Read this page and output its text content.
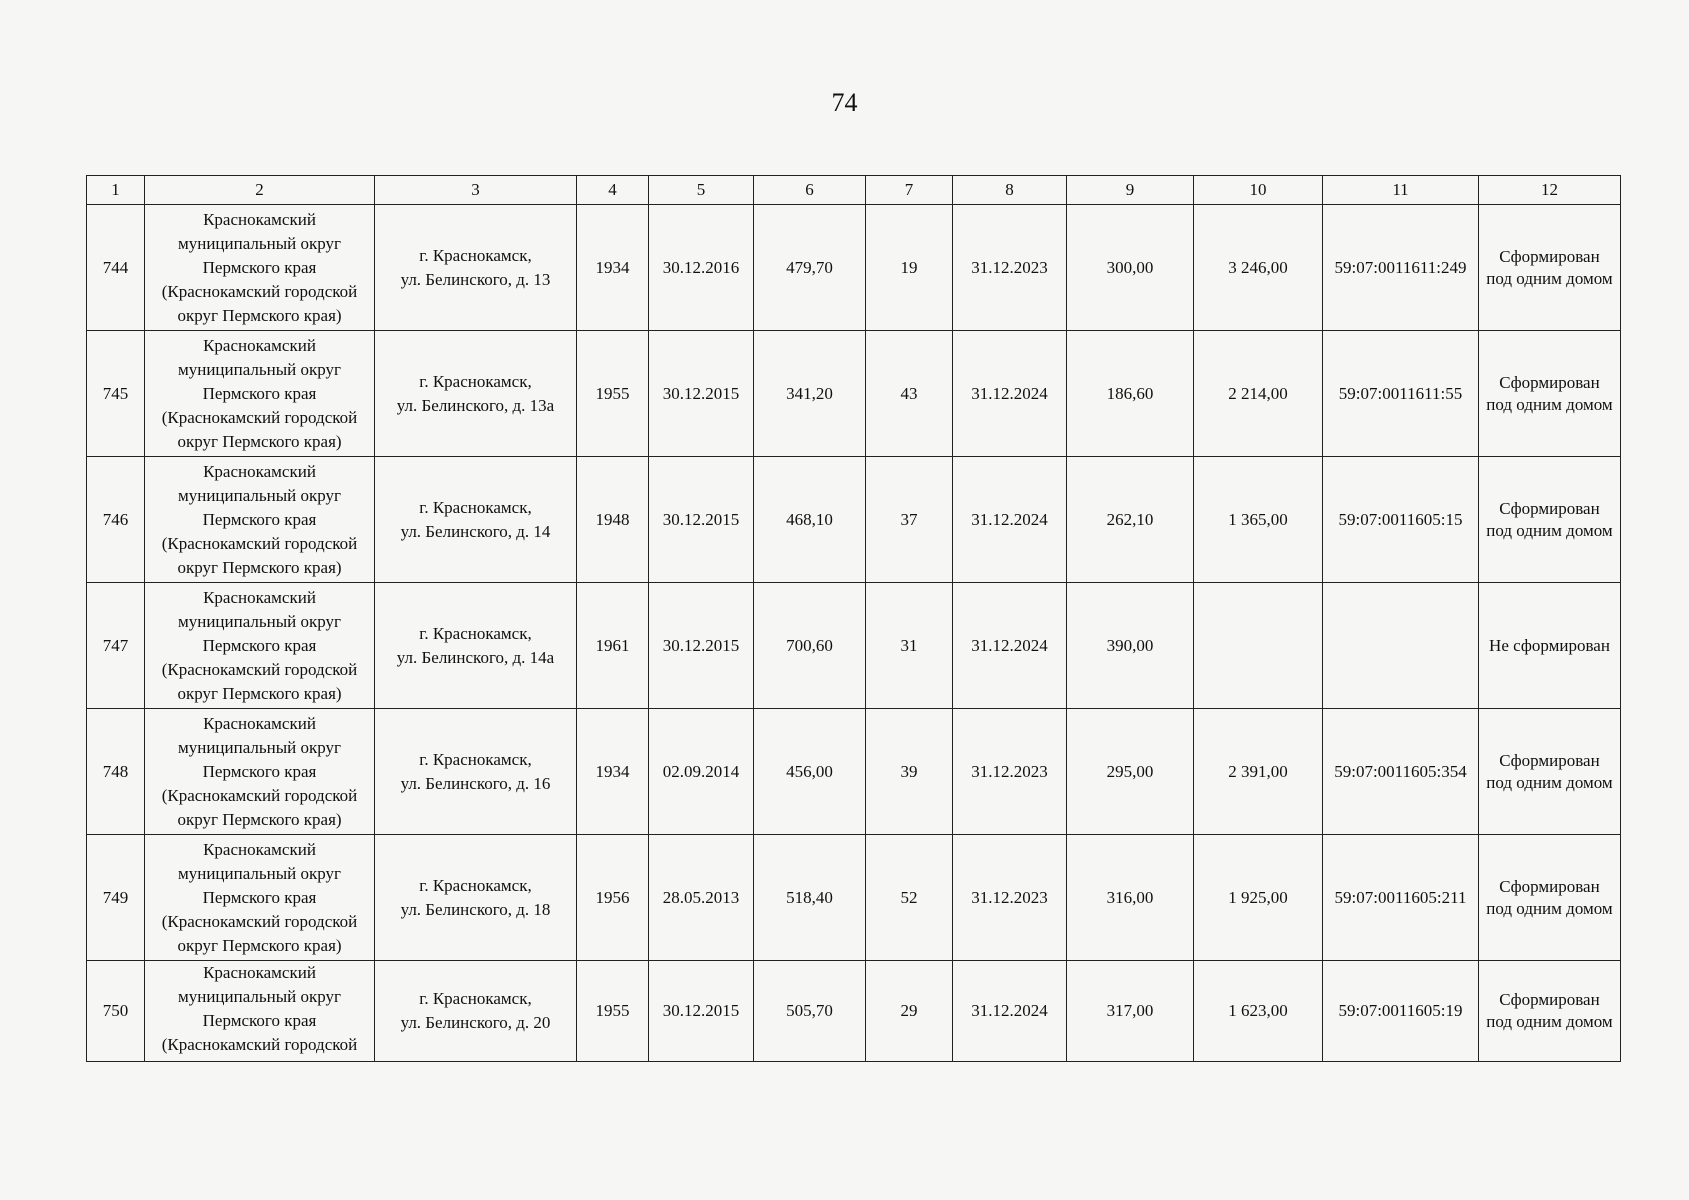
74
1	2	3	4	5	6	7	8	9	10	11	12
744	Краснокамский
муниципальный округ
Пермского края
(Краснокамский городской
округ Пермского края)	г. Краснокамск,
ул. Белинского, д. 13	1934	30.12.2016	479,70	19	31.12.2023	300,00	3 246,00	59:07:0011611:249	Сформирован
под одним домом

745	Краснокамский
муниципальный округ
Пермского края
(Краснокамский городской
округ Пермского края)	г. Краснокамск,
ул. Белинского, д. 13а	1955	30.12.2015	341,20	43	31.12.2024	186,60	2 214,00	59:07:0011611:55	Сформирован
под одним домом

746	Краснокамский
муниципальный округ
Пермского края
(Краснокамский городской
округ Пермского края)	г. Краснокамск,
ул. Белинского, д. 14	1948	30.12.2015	468,10	37	31.12.2024	262,10	1 365,00	59:07:0011605:15	Сформирован
под одним домом

747	Краснокамский
муниципальный округ
Пермского края
(Краснокамский городской
округ Пермского края)	г. Краснокамск,
ул. Белинского, д. 14а	1961	30.12.2015	700,60	31	31.12.2024	390,00			Не сформирован

748	Краснокамский
муниципальный округ
Пермского края
(Краснокамский городской
округ Пермского края)	г. Краснокамск,
ул. Белинского, д. 16	1934	02.09.2014	456,00	39	31.12.2023	295,00	2 391,00	59:07:0011605:354	Сформирован
под одним домом

749	Краснокамский
муниципальный округ
Пермского края
(Краснокамский городской
округ Пермского края)	г. Краснокамск,
ул. Белинского, д. 18	1956	28.05.2013	518,40	52	31.12.2023	316,00	1 925,00	59:07:0011605:211	Сформирован
под одним домом

750	Краснокамский
муниципальный округ
Пермского края
(Краснокамский городской	г. Краснокамск,
ул. Белинского, д. 20	1955	30.12.2015	505,70	29	31.12.2024	317,00	1 623,00	59:07:0011605:19	Сформирован
под одним домом
